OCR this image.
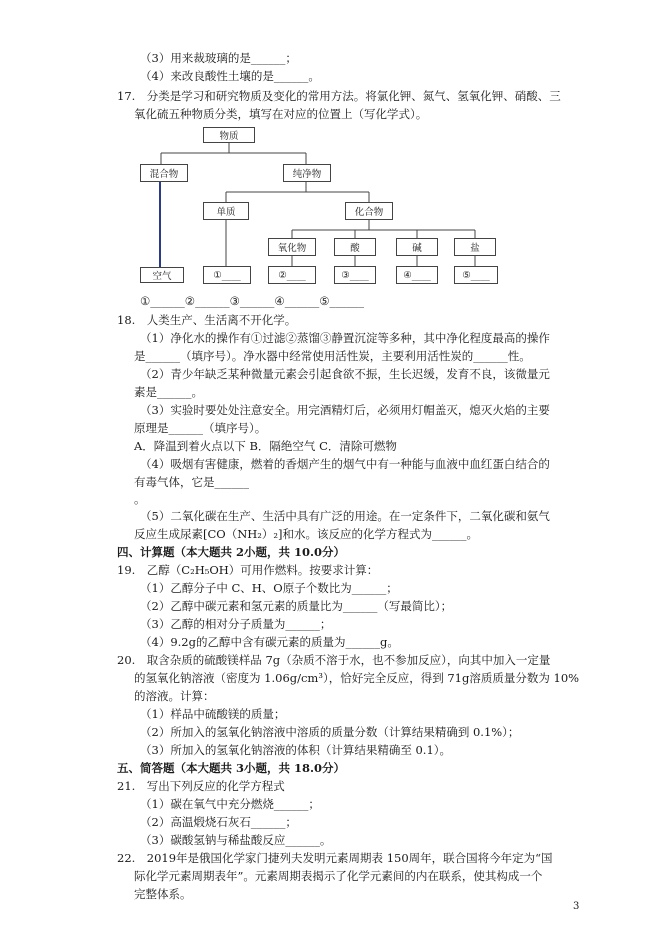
（3）用来裁玻璃的是______；
（4）来改良酸性土壤的是______。
17.　分类是学习和研究物质及变化的常用方法。将氯化钾、氮气、氢氧化钾、硝酸、三
氧化硫五种物质分类，填写在对应的位置上（写化学式）。
物质
混合物	纯净物
单质	化合物
氧化物	酸	碱	盐
空气	①____	②____	③____	④____	⑤____
①______②______③______④______⑤______
18.　人类生产、生活离不开化学。
（1）净化水的操作有①过滤②蒸馏③静置沉淀等多种，其中净化程度最高的操作
是______（填序号）。净水器中经常使用活性炭，主要利用活性炭的______性。
（2）青少年缺乏某种微量元素会引起食欲不振，生长迟缓，发育不良，该微量元
素是______。
（3）实验时要处处注意安全。用完酒精灯后，必须用灯帽盖灭，熄灭火焰的主要
原理是______（填序号）。
A．降温到着火点以下 B．隔绝空气 C．清除可燃物
（4）吸烟有害健康，燃着的香烟产生的烟气中有一种能与血液中血红蛋白结合的
有毒气体，它是______
。
（5）二氧化碳在生产、生活中具有广泛的用途。在一定条件下，二氧化碳和氨气
反应生成尿素[CO（NH₂）₂]和水。该反应的化学方程式为______。
四、计算题（本大题共 2小题，共 10.0分）
19.　乙醇（C₂H₅OH）可用作燃料。按要求计算：
（1）乙醇分子中 C、H、O原子个数比为______；
（2）乙醇中碳元素和氢元素的质量比为______（写最简比）；
（3）乙醇的相对分子质量为______；
（4）9.2g的乙醇中含有碳元素的质量为______g。
20.　取含杂质的硫酸镁样品 7g（杂质不溶于水，也不参加反应），向其中加入一定量
的氢氧化钠溶液（密度为 1.06g/cm³），恰好完全反应，得到 71g溶质质量分数为 10%
的溶液。计算：
（1）样品中硫酸镁的质量；
（2）所加入的氢氧化钠溶液中溶质的质量分数（计算结果精确到 0.1%）；
（3）所加入的氢氧化钠溶液的体积（计算结果精确至 0.1）。
五、简答题（本大题共 3小题，共 18.0分）
21.　写出下列反应的化学方程式
（1）碳在氧气中充分燃烧______；
（2）高温煅烧石灰石______；
（3）碳酸氢钠与稀盐酸反应______。
22.　2019年是俄国化学家门捷列夫发明元素周期表 150周年，联合国将今年定为“国
际化学元素周期表年”。元素周期表揭示了化学元素间的内在联系，使其构成一个
完整体系。
3
